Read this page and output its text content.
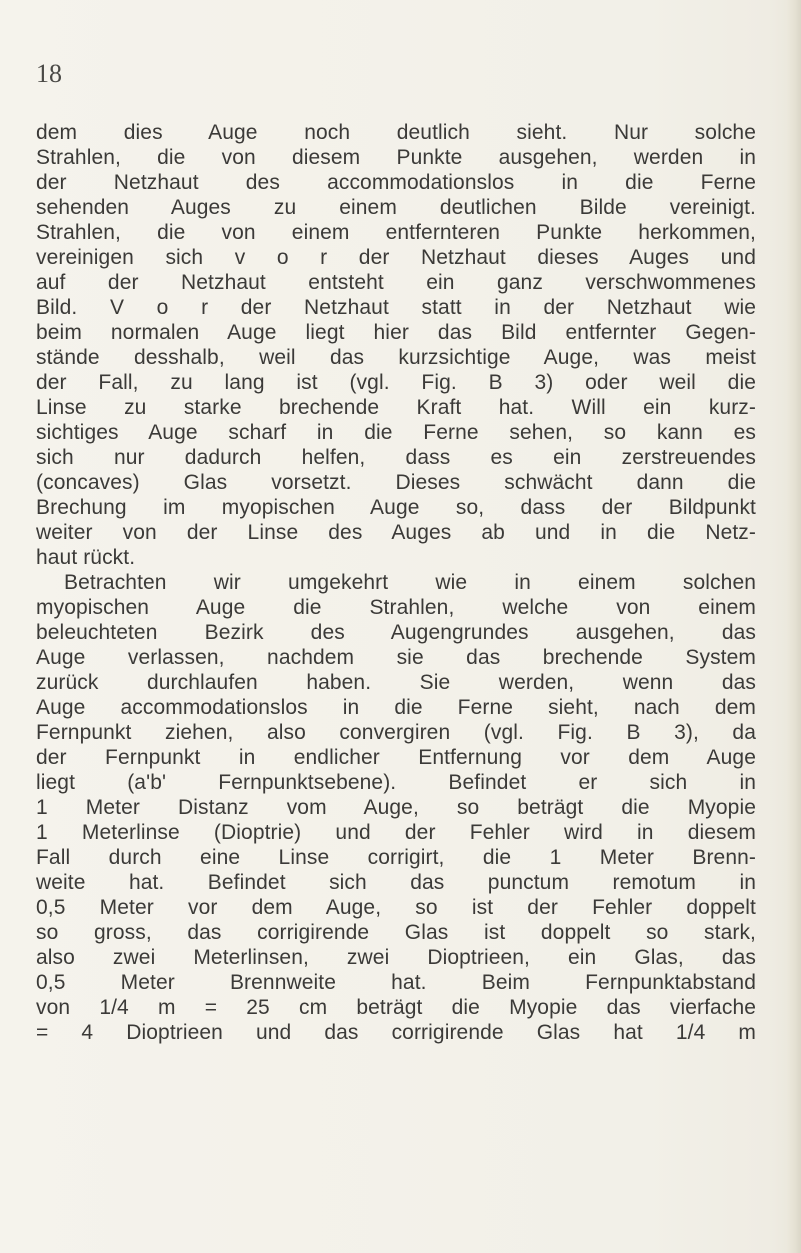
18
dem dies Auge noch deutlich sieht. Nur solche
Strahlen, die von diesem Punkte ausgehen, werden in
der Netzhaut des accommodationslos in die Ferne
sehenden Auges zu einem deutlichen Bilde vereinigt.
Strahlen, die von einem entfernteren Punkte herkommen,
vereinigen sich v o r der Netzhaut dieses Auges und
auf der Netzhaut entsteht ein ganz verschwommenes
Bild. V o r der Netzhaut statt in der Netzhaut wie
beim normalen Auge liegt hier das Bild entfernter Gegen-
stände desshalb, weil das kurzsichtige Auge, was meist
der Fall, zu lang ist (vgl. Fig. B 3) oder weil die
Linse zu starke brechende Kraft hat. Will ein kurz-
sichtiges Auge scharf in die Ferne sehen, so kann es
sich nur dadurch helfen, dass es ein zerstreuendes
(concaves) Glas vorsetzt. Dieses schwächt dann die
Brechung im myopischen Auge so, dass der Bildpunkt
weiter von der Linse des Auges ab und in die Netz-
haut rückt.
Betrachten wir umgekehrt wie in einem solchen
myopischen Auge die Strahlen, welche von einem
beleuchteten Bezirk des Augengrundes ausgehen, das
Auge verlassen, nachdem sie das brechende System
zurück durchlaufen haben. Sie werden, wenn das
Auge accommodationslos in die Ferne sieht, nach dem
Fernpunkt ziehen, also convergiren (vgl. Fig. B 3), da
der Fernpunkt in endlicher Entfernung vor dem Auge
liegt (a'b' Fernpunktsebene). Befindet er sich in
1 Meter Distanz vom Auge, so beträgt die Myopie
1 Meterlinse (Dioptrie) und der Fehler wird in diesem
Fall durch eine Linse corrigirt, die 1 Meter Brenn-
weite hat. Befindet sich das punctum remotum in
0,5 Meter vor dem Auge, so ist der Fehler doppelt
so gross, das corrigirende Glas ist doppelt so stark,
also zwei Meterlinsen, zwei Dioptrieen, ein Glas, das
0,5 Meter Brennweite hat. Beim Fernpunktabstand
von 1/4 m = 25 cm beträgt die Myopie das vierfache
= 4 Dioptrieen und das corrigirende Glas hat 1/4 m
